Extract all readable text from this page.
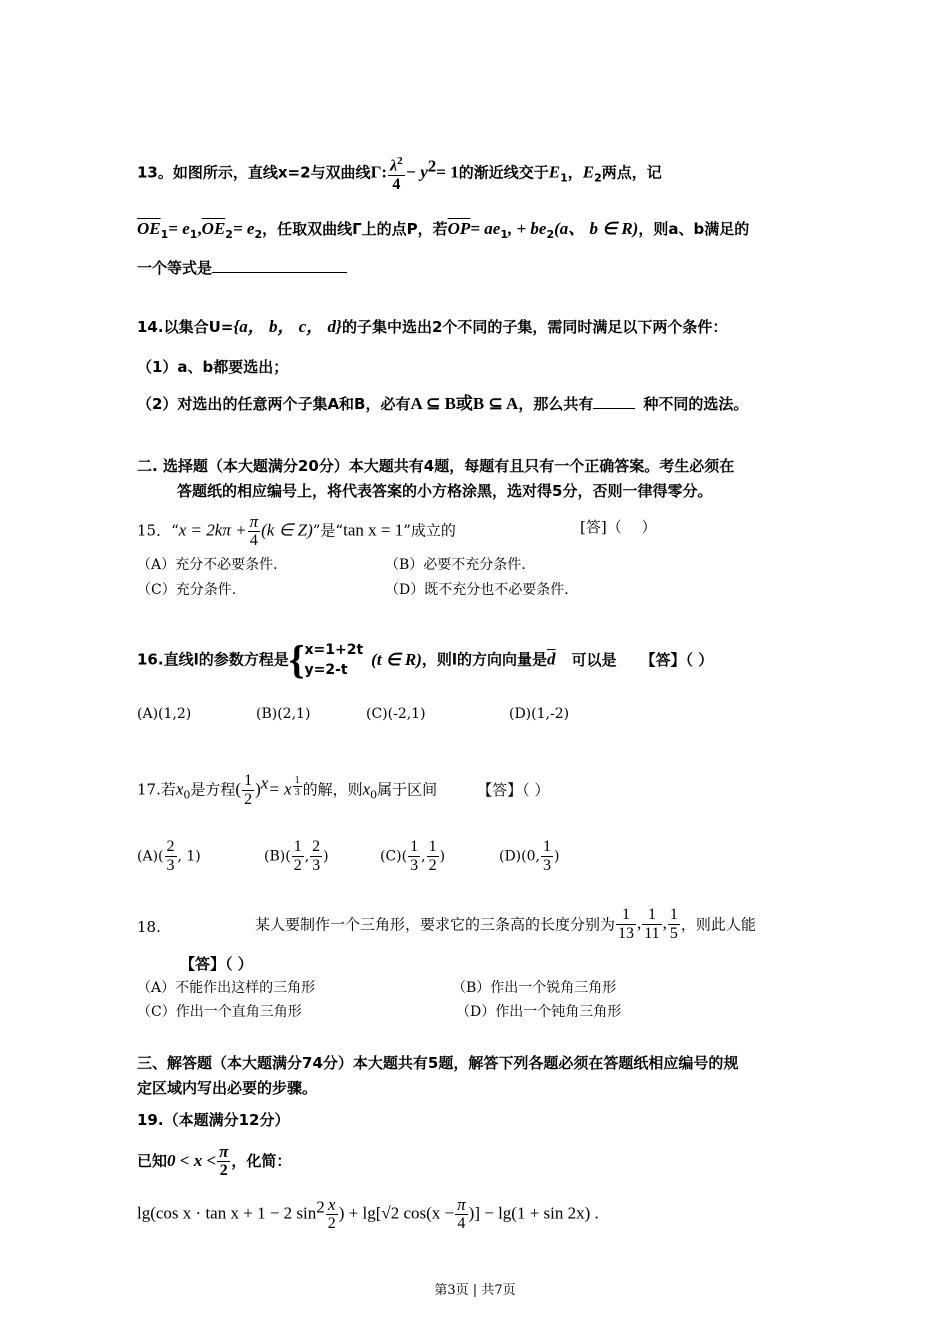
13。如图所示，直线x=2与双曲线Γ: $\frac{\lambda^2}{4} - y^2= 1$的渐近线交于$E_1$，$E_2$两点，记
$\overline{OE}_1= e_1,\overline{OE}_2= e_2$，任取双曲线Γ上的点P，若$\overline{OP}= ae_1$, + $be_2(a$、 b ∈ R)，则a、b满足的
一个等式是
14.以集合U={a， b， c， d}的子集中选出2个不同的子集，需同时满足以下两个条件：
（1）a、b都要选出；
（2）对选出的任意两个子集A和B，必有A ⊆ B或B ⊆ A，那么共有	种不同的选法。
二. 选择题（本大题满分20分）本大题共有4题，每题有且只有一个正确答案。考生必须在
答题纸的相应编号上，将代表答案的小方格涂黑，选对得5分，否则一律得零分。
15．“$x = 2k\pi + \frac{\pi}{4} (k$ ∈ Z)”是“tan x = 1”成立的	[答]（　 ）
（A）充分不必要条件.	（B）必要不充分条件.
（C）充分条件.	（D）既不充分也不必要条件.
16.直线l的参数方程是{ x=1+2t
y=2-t
(t ∈ R)，则l的方向向量是$\overline{d}$ 可以是 【答】（ ）
(A)(1,2)	(B)(2,1)	(C)(-2,1)	(D)(1,-2)
17.若$x_0$是方程( $\frac{1}{2} )^x= x$ $^{\frac{1}{3}}$ 的解，则$x_0$属于区间	【答】（ ）
$(A)( \frac{2}{3}$ , 1)	$(B)( \frac{1}{2}$ , $\frac{2}{3}$ )	$(C)( \frac{1}{3}$ , $\frac{1}{2}$ )	(D)(0, $\frac{1}{3}$ )
18.	某人要制作一个三角形，要求它的三条高的长度分别为 $\frac{1}{13}$ , $\frac{1}{11}$ , $\frac{1}{5}$ ，则此人能
【答】（ ）
（A）不能作出这样的三角形	（B）作出一个锐角三角形
（C）作出一个直角三角形	（D）作出一个钝角三角形
三、解答题（本大题满分74分）本大题共有5题，解答下列各题必须在答题纸相应编号的规
定区域内写出必要的步骤。
19.（本题满分12分）
已知$0 < x < \frac{\pi}{2}$ ，化简：
lg(cos x · tan x + 1 − 2 $\sin^2 \frac{x}{2}$ ) + lg[√2 $\cos(x - \frac{\pi}{4}$ )] − lg(1 + sin 2x) .
第3页 | 共7页
